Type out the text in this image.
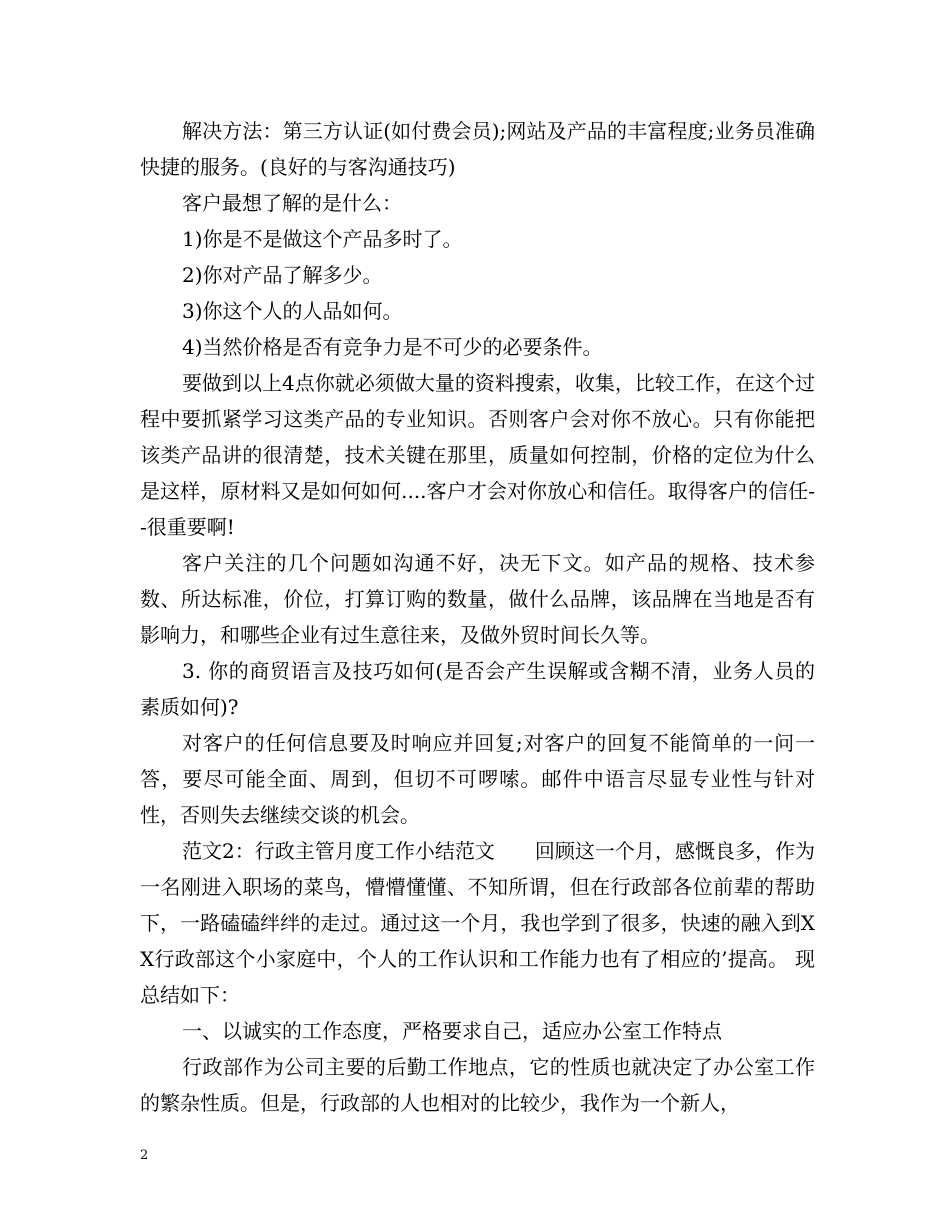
解决方法：第三方认证(如付费会员);网站及产品的丰富程度;业务员准确快捷的服务。(良好的与客沟通技巧)

客户最想了解的是什么：

1)你是不是做这个产品多时了。

2)你对产品了解多少。

3)你这个人的人品如何。

4)当然价格是否有竞争力是不可少的必要条件。

要做到以上4点你就必须做大量的资料搜索，收集，比较工作，在这个过程中要抓紧学习这类产品的专业知识。否则客户会对你不放心。只有你能把该类产品讲的很清楚，技术关键在那里，质量如何控制，价格的定位为什么是这样，原材料又是如何如何....客户才会对你放心和信任。取得客户的信任--很重要啊!

客户关注的几个问题如沟通不好，决无下文。如产品的规格、技术参数、所达标准，价位，打算订购的数量，做什么品牌，该品牌在当地是否有影响力，和哪些企业有过生意往来，及做外贸时间长久等。

3. 你的商贸语言及技巧如何(是否会产生误解或含糊不清，业务人员的素质如何)?

对客户的任何信息要及时响应并回复;对客户的回复不能简单的一问一答，要尽可能全面、周到，但切不可啰嗦。邮件中语言尽显专业性与针对性，否则失去继续交谈的机会。

范文2：行政主管月度工作小结范文　　回顾这一个月，感慨良多，作为一名刚进入职场的菜鸟，懵懵懂懂、不知所谓，但在行政部各位前辈的帮助下，一路磕磕绊绊的走过。通过这一个月，我也学到了很多，快速的融入到XX行政部这个小家庭中，个人的工作认识和工作能力也有了相应的’提高。 现总结如下：

一、以诚实的工作态度，严格要求自己，适应办公室工作特点

行政部作为公司主要的后勤工作地点，它的性质也就决定了办公室工作的繁杂性质。但是，行政部的人也相对的比较少，我作为一个新人，

2
